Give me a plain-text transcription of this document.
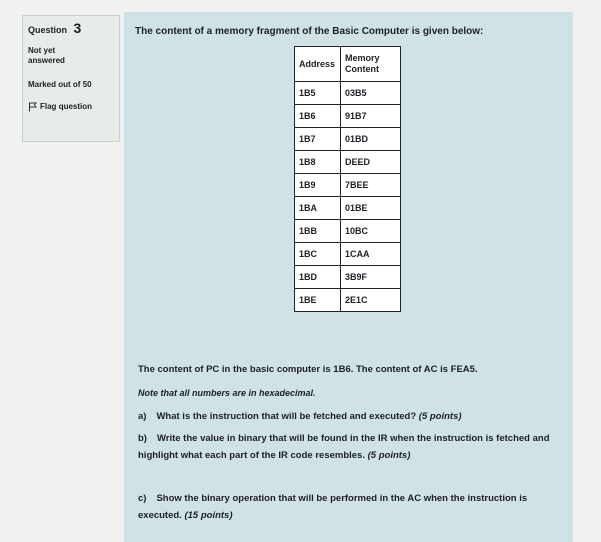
Question 3
Not yet
answered
Marked out of 50
Flag question
The content of a memory fragment of the Basic Computer is given below:
Address	Memory
Content
1B5	03B5
1B6	91B7
1B7	01BD
1B8	DEED
1B9	7BEE
1BA	01BE
1BB	10BC
1BC	1CAA
1BD	3B9F
1BE	2E1C
The content of PC in the basic computer is 1B6. The content of AC is FEA5.
Note that all numbers are in hexadecimal.
a) What is the instruction that will be fetched and executed? (5 points)
b) Write the value in binary that will be found in the IR when the instruction is fetched and highlight what each part of the IR code resembles. (5 points)
c) Show the binary operation that will be performed in the AC when the instruction is executed. (15 points)
